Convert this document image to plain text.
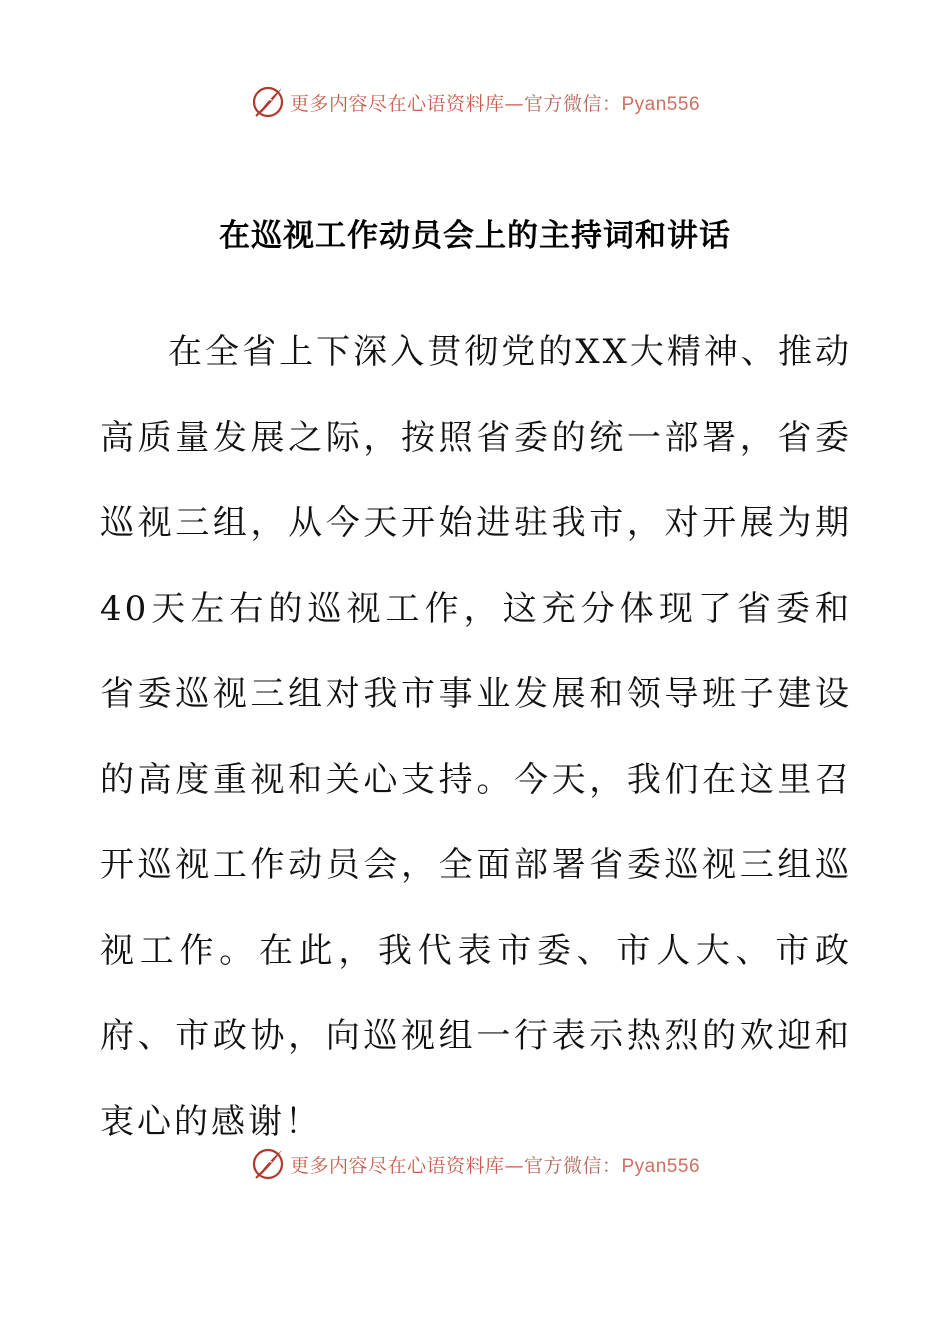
更多内容尽在心语资料库—官方微信：Pyan556
在巡视工作动员会上的主持词和讲话

在全省上下深入贯彻党的XX大精神、推动高质量发展之际，按照省委的统一部署，省委巡视三组，从今天开始进驻我市，对开展为期40天左右的巡视工作，这充分体现了省委和省委巡视三组对我市事业发展和领导班子建设的高度重视和关心支持。今天，我们在这里召开巡视工作动员会，全面部署省委巡视三组巡视工作。在此，我代表市委、市人大、市政府、市政协，向巡视组一行表示热烈的欢迎和衷心的感谢！

更多内容尽在心语资料库—官方微信：Pyan556
